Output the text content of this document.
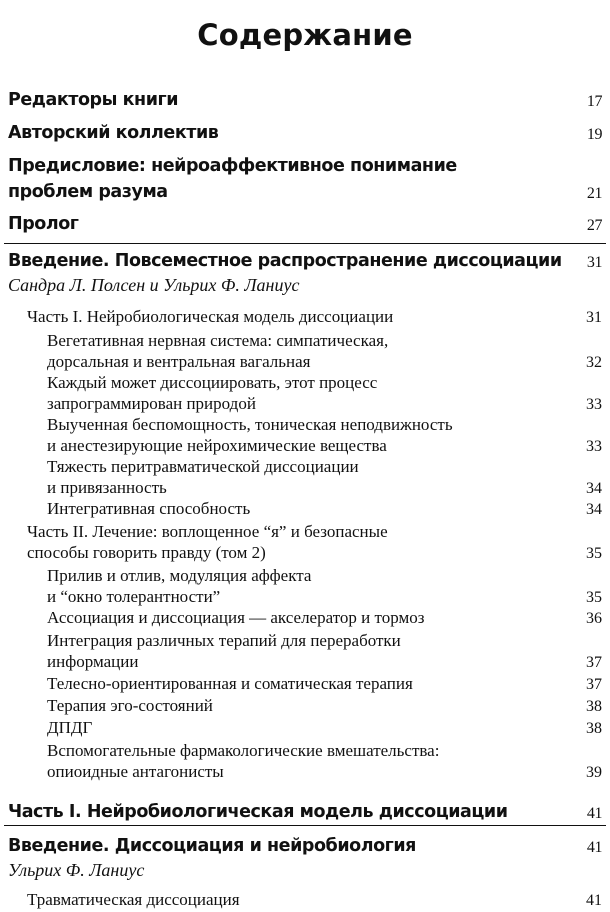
Содержание
Редакторы книги	17
Авторский коллектив	19
Предисловие: нейроаффективное понимание
проблем разума	21
Пролог	27
Введение. Повсеместное распространение диссоциации	31
Сандра Л. Полсен и Ульрих Ф. Ланиус
Часть I. Нейробиологическая модель диссоциации	31
Вегетативная нервная система: симпатическая,
дорсальная и вентральная вагальная	32
Каждый может диссоциировать, этот процесс
запрограммирован природой	33
Выученная беспомощность, тоническая неподвижность
и анестезирующие нейрохимические вещества	33
Тяжесть перитравматической диссоциации
и привязанность	34
Интегративная способность	34
Часть II. Лечение: воплощенное “я” и безопасные
способы говорить правду (том 2)	35
Прилив и отлив, модуляция аффекта
и “окно толерантности”	35
Ассоциация и диссоциация — акселератор и тормоз	36
Интеграция различных терапий для переработки
информации	37
Телесно-ориентированная и соматическая терапия	37
Терапия эго-состояний	38
ДПДГ	38
Вспомогательные фармакологические вмешательства:
опиоидные антагонисты	39
Часть I. Нейробиологическая модель диссоциации	41
Введение. Диссоциация и нейробиология	41
Ульрих Ф. Ланиус
Травматическая диссоциация	41
